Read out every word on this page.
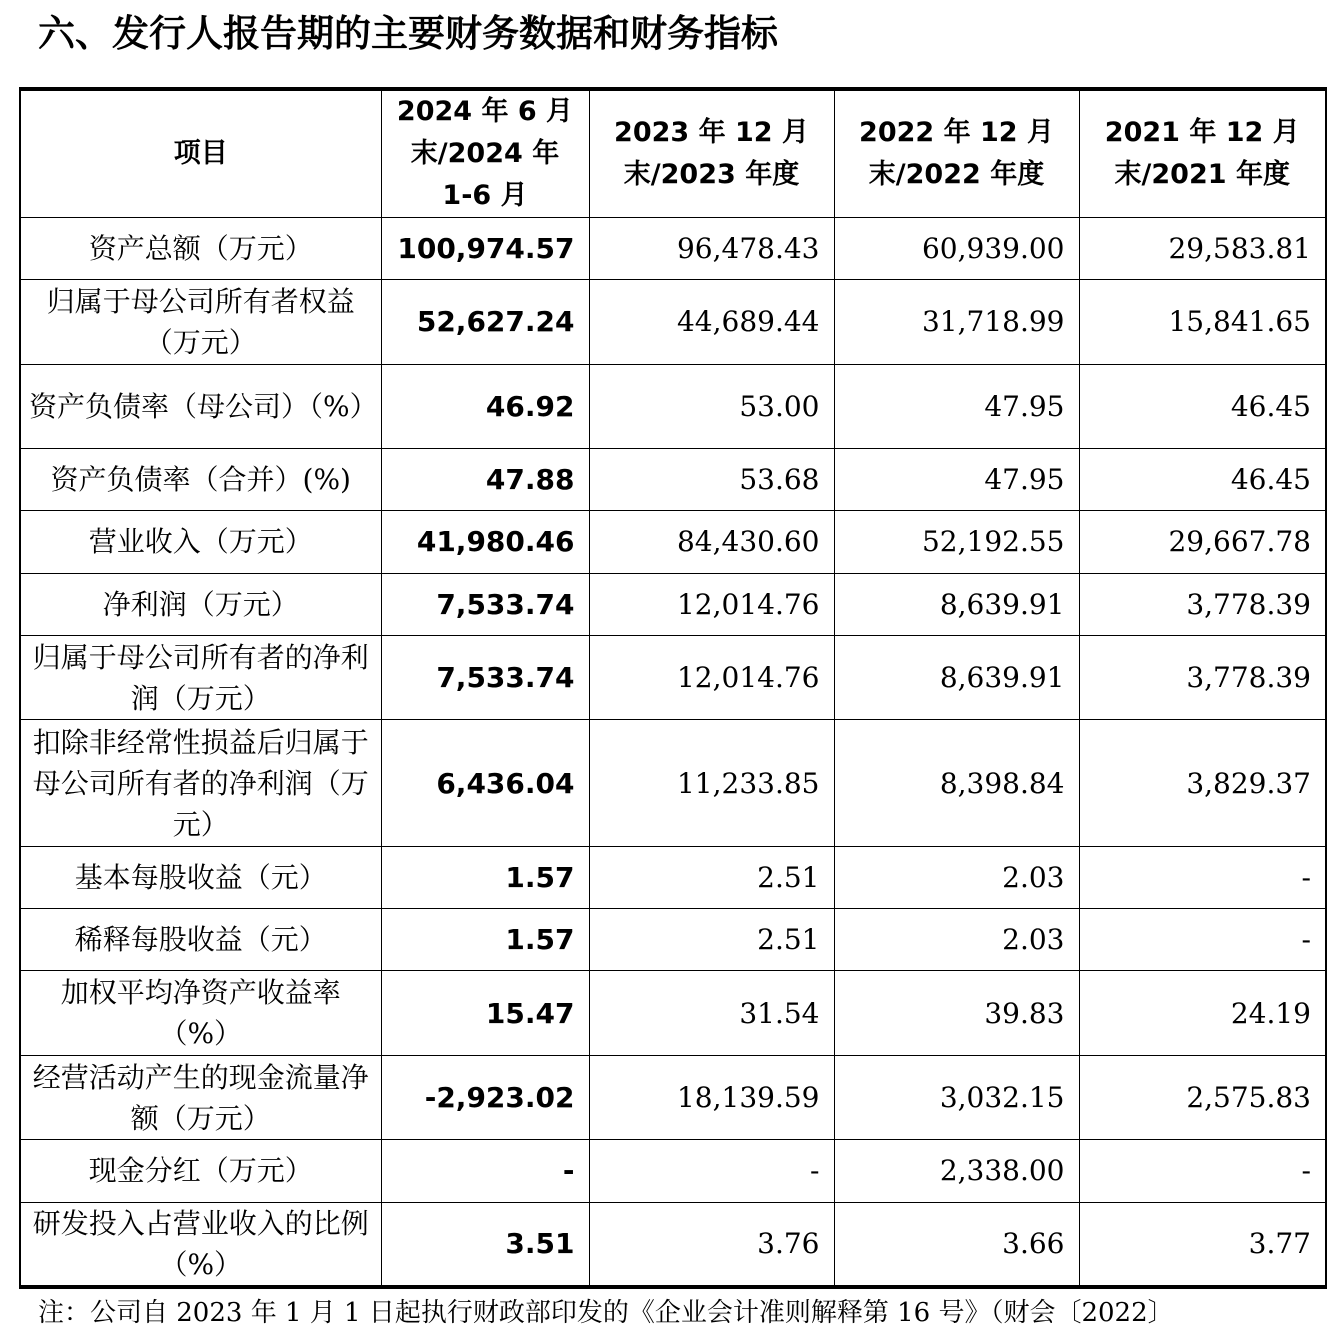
六、发行人报告期的主要财务数据和财务指标
项目	2024 年 6 月末/2024 年 1-6 月	2023 年 12 月末/2023 年度	2022 年 12 月末/2022 年度	2021 年 12 月末/2021 年度
资产总额（万元）	100,974.57	96,478.43	60,939.00	29,583.81
归属于母公司所有者权益（万元）	52,627.24	44,689.44	31,718.99	15,841.65
资产负债率（母公司）（%）	46.92	53.00	47.95	46.45
资产负债率（合并）(%)	47.88	53.68	47.95	46.45
营业收入（万元）	41,980.46	84,430.60	52,192.55	29,667.78
净利润（万元）	7,533.74	12,014.76	8,639.91	3,778.39
归属于母公司所有者的净利润（万元）	7,533.74	12,014.76	8,639.91	3,778.39
扣除非经常性损益后归属于母公司所有者的净利润（万元）	6,436.04	11,233.85	8,398.84	3,829.37
基本每股收益（元）	1.57	2.51	2.03	-
稀释每股收益（元）	1.57	2.51	2.03	-
加权平均净资产收益率（%）	15.47	31.54	39.83	24.19
经营活动产生的现金流量净额（万元）	-2,923.02	18,139.59	3,032.15	2,575.83
现金分红（万元）	-	-	2,338.00	-
研发投入占营业收入的比例（%）	3.51	3.76	3.66	3.77
注：公司自 2023 年 1 月 1 日起执行财政部印发的《企业会计准则解释第 16 号》（财会〔2022〕
